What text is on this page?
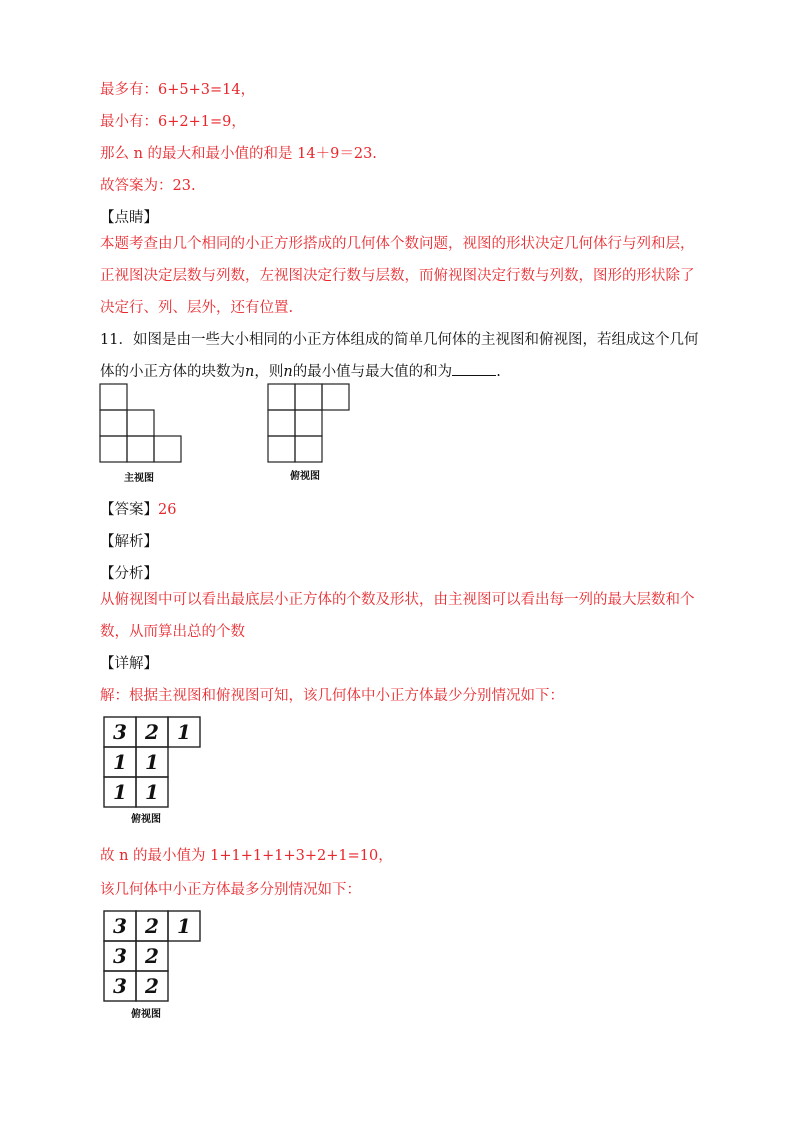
最多有：6+5+3=14，
最小有：6+2+1=9，
那么 n 的最大和最小值的和是 14＋9＝23.
故答案为：23.
【点睛】
本题考查由几个相同的小正方形搭成的几何体个数问题，视图的形状决定几何体行与列和层，正视图决定层数与列数，左视图决定行数与层数，而俯视图决定行数与列数，图形的形状除了决定行、列、层外，还有位置.
11．如图是由一些大小相同的小正方体组成的简单几何体的主视图和俯视图，若组成这个几何体的小正方体的块数为n，则n的最小值与最大值的和为	.
主视图	俯视图
【答案】26
【解析】
【分析】
从俯视图中可以看出最底层小正方体的个数及形状，由主视图可以看出每一列的最大层数和个数，从而算出总的个数
【详解】
解：根据主视图和俯视图可知，该几何体中小正方体最少分别情况如下：
3 2 1
1 1
1 1
俯视图
故 n 的最小值为 1+1+1+1+3+2+1=10，
该几何体中小正方体最多分别情况如下：
3 2 1
3 2
3 2
俯视图
